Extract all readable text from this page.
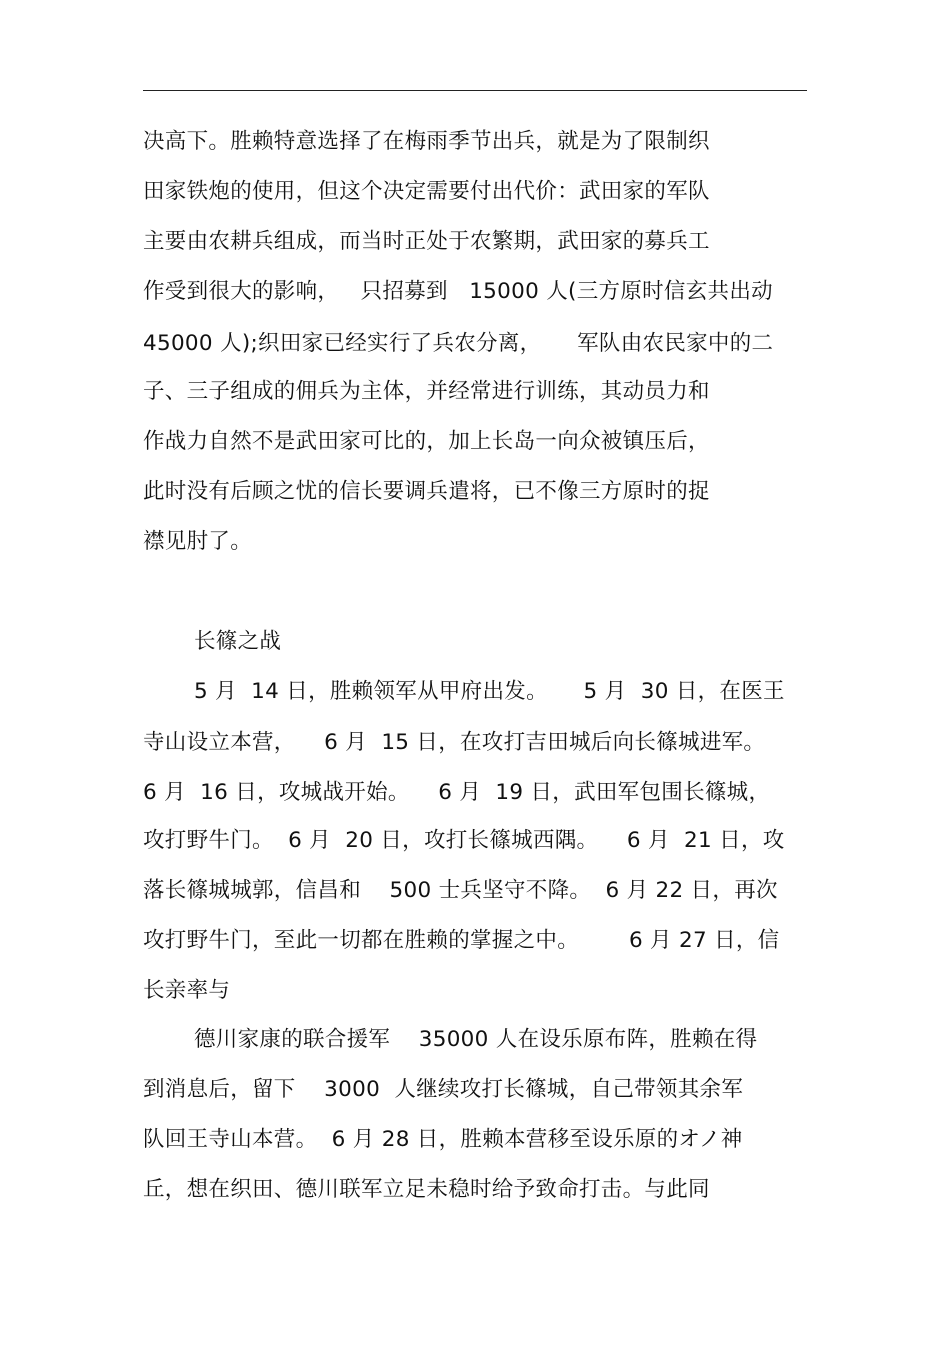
决高下。胜赖特意选择了在梅雨季节出兵，就是为了限制织
田家铁炮的使用，但这个决定需要付出代价：武田家的军队
主要由农耕兵组成，而当时正处于农繁期，武田家的募兵工
作受到很大的影响，   只招募到   15000 人(三方原时信玄共出动
45000 人);织田家已经实行了兵农分离，     军队由农民家中的二
子、三子组成的佣兵为主体，并经常进行训练，其动员力和
作战力自然不是武田家可比的，加上长岛一向众被镇压后，
此时没有后顾之忧的信长要调兵遣将，已不像三方原时的捉
襟见肘了。
长篠之战
5 月  14 日，胜赖领军从甲府出发。     5 月  30 日，在医王
寺山设立本营，    6 月  15 日，在攻打吉田城后向长篠城进军。
6 月  16 日，攻城战开始。    6 月  19 日，武田军包围长篠城，
攻打野牛门。  6 月  20 日，攻打长篠城西隅。    6 月  21 日，攻
落长篠城城郭，信昌和    500 士兵坚守不降。  6 月 22 日，再次
攻打野牛门，至此一切都在胜赖的掌握之中。       6 月 27 日，信
长亲率与
德川家康的联合援军    35000 人在设乐原布阵，胜赖在得
到消息后，留下    3000  人继续攻打长篠城，自己带领其余军
队回王寺山本营。  6 月 28 日，胜赖本营移至设乐原的オノ神
丘，想在织田、德川联军立足未稳时给予致命打击。与此同
